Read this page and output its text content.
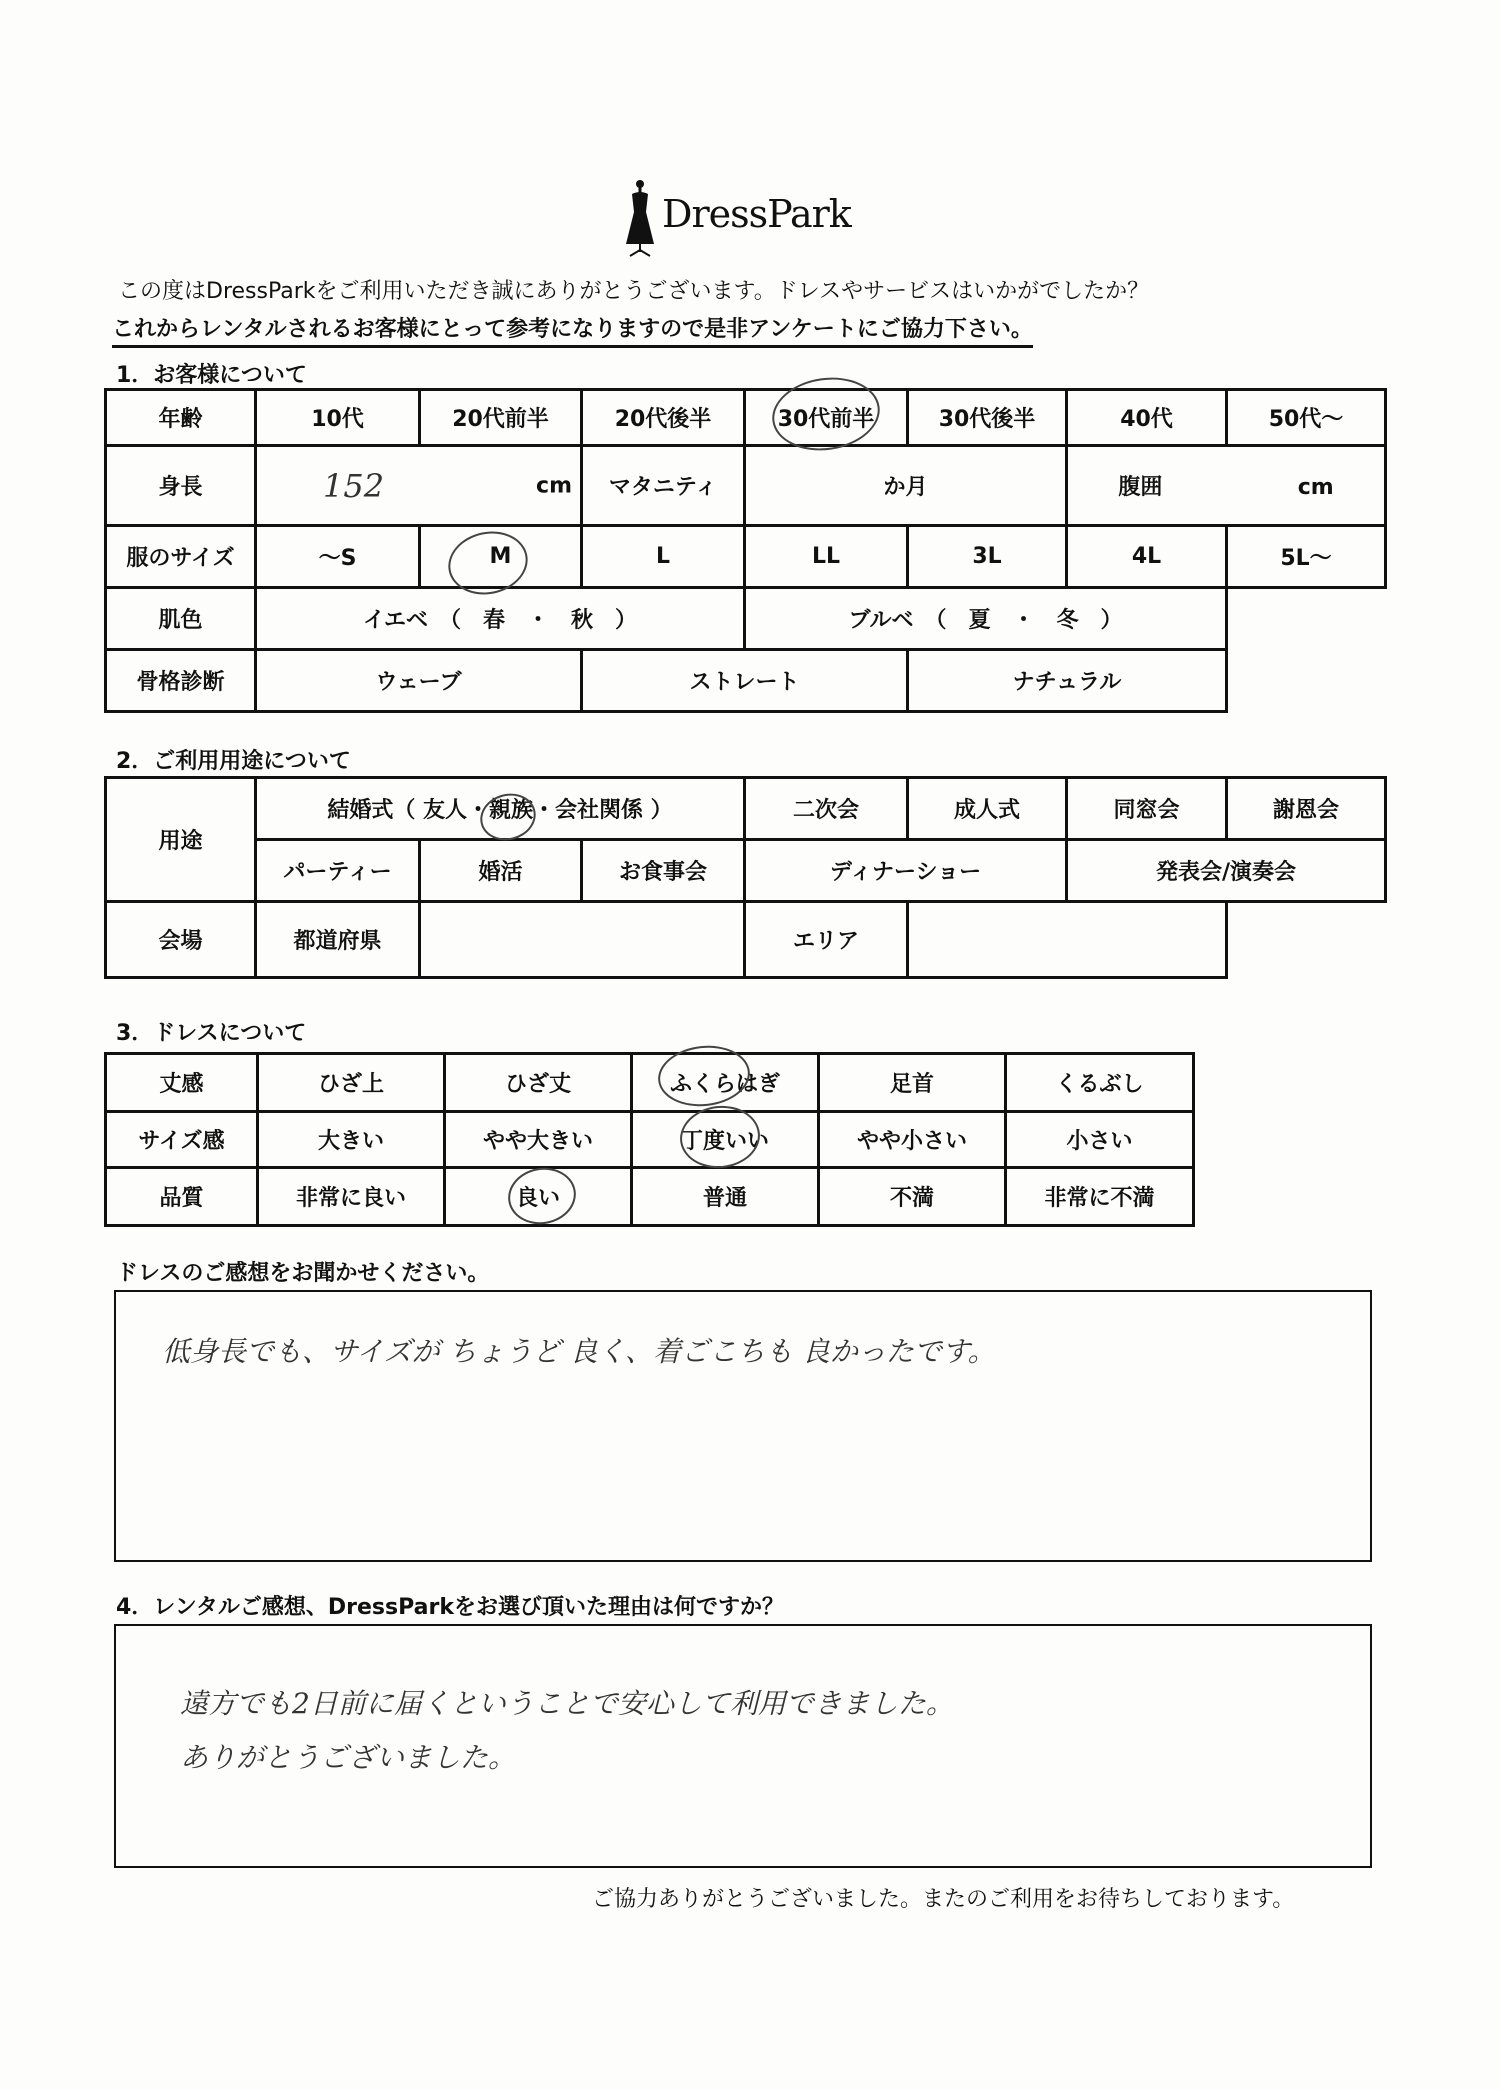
DressPark
この度はDressParkをご利用いただき誠にありがとうございます。ドレスやサービスはいかがでしたか？
これからレンタルされるお客様にとって参考になりますので是非アンケートにご協力下さい。
1．お客様について
年齢	10代	20代前半	20代後半	30代前半	30代後半	40代	50代～
身長	152 cm		マタニティ	か月		腹囲 cm	
服のサイズ	～S	M	L	LL	3L	4L	5L～
肌色	イエベ　（　春　・　秋　）			ブルベ　（　夏　・　冬　）			
骨格診断	ウェーブ		ストレート		ナチュラル		
2．ご利用用途について
用途	結婚式（ 友人・親族・会社関係 ）			二次会	成人式	同窓会	謝恩会
	パーティー	婚活	お食事会	ディナーショー		発表会/演奏会	
会場	都道府県			エリア			
3．ドレスについて
丈感	ひざ上	ひざ丈	ふくらはぎ	足首	くるぶし
サイズ感	大きい	やや大きい	丁度いい	やや小さい	小さい
品質	非常に良い	良い	普通	不満	非常に不満
ドレスのご感想をお聞かせください。
低身長でも、サイズが ちょうど 良く、着ごこちも 良かったです。
4．レンタルご感想、DressParkをお選び頂いた理由は何ですか？
遠方でも2日前に届くということで安心して利用できました。
ありがとうございました。
ご協力ありがとうございました。またのご利用をお待ちしております。
